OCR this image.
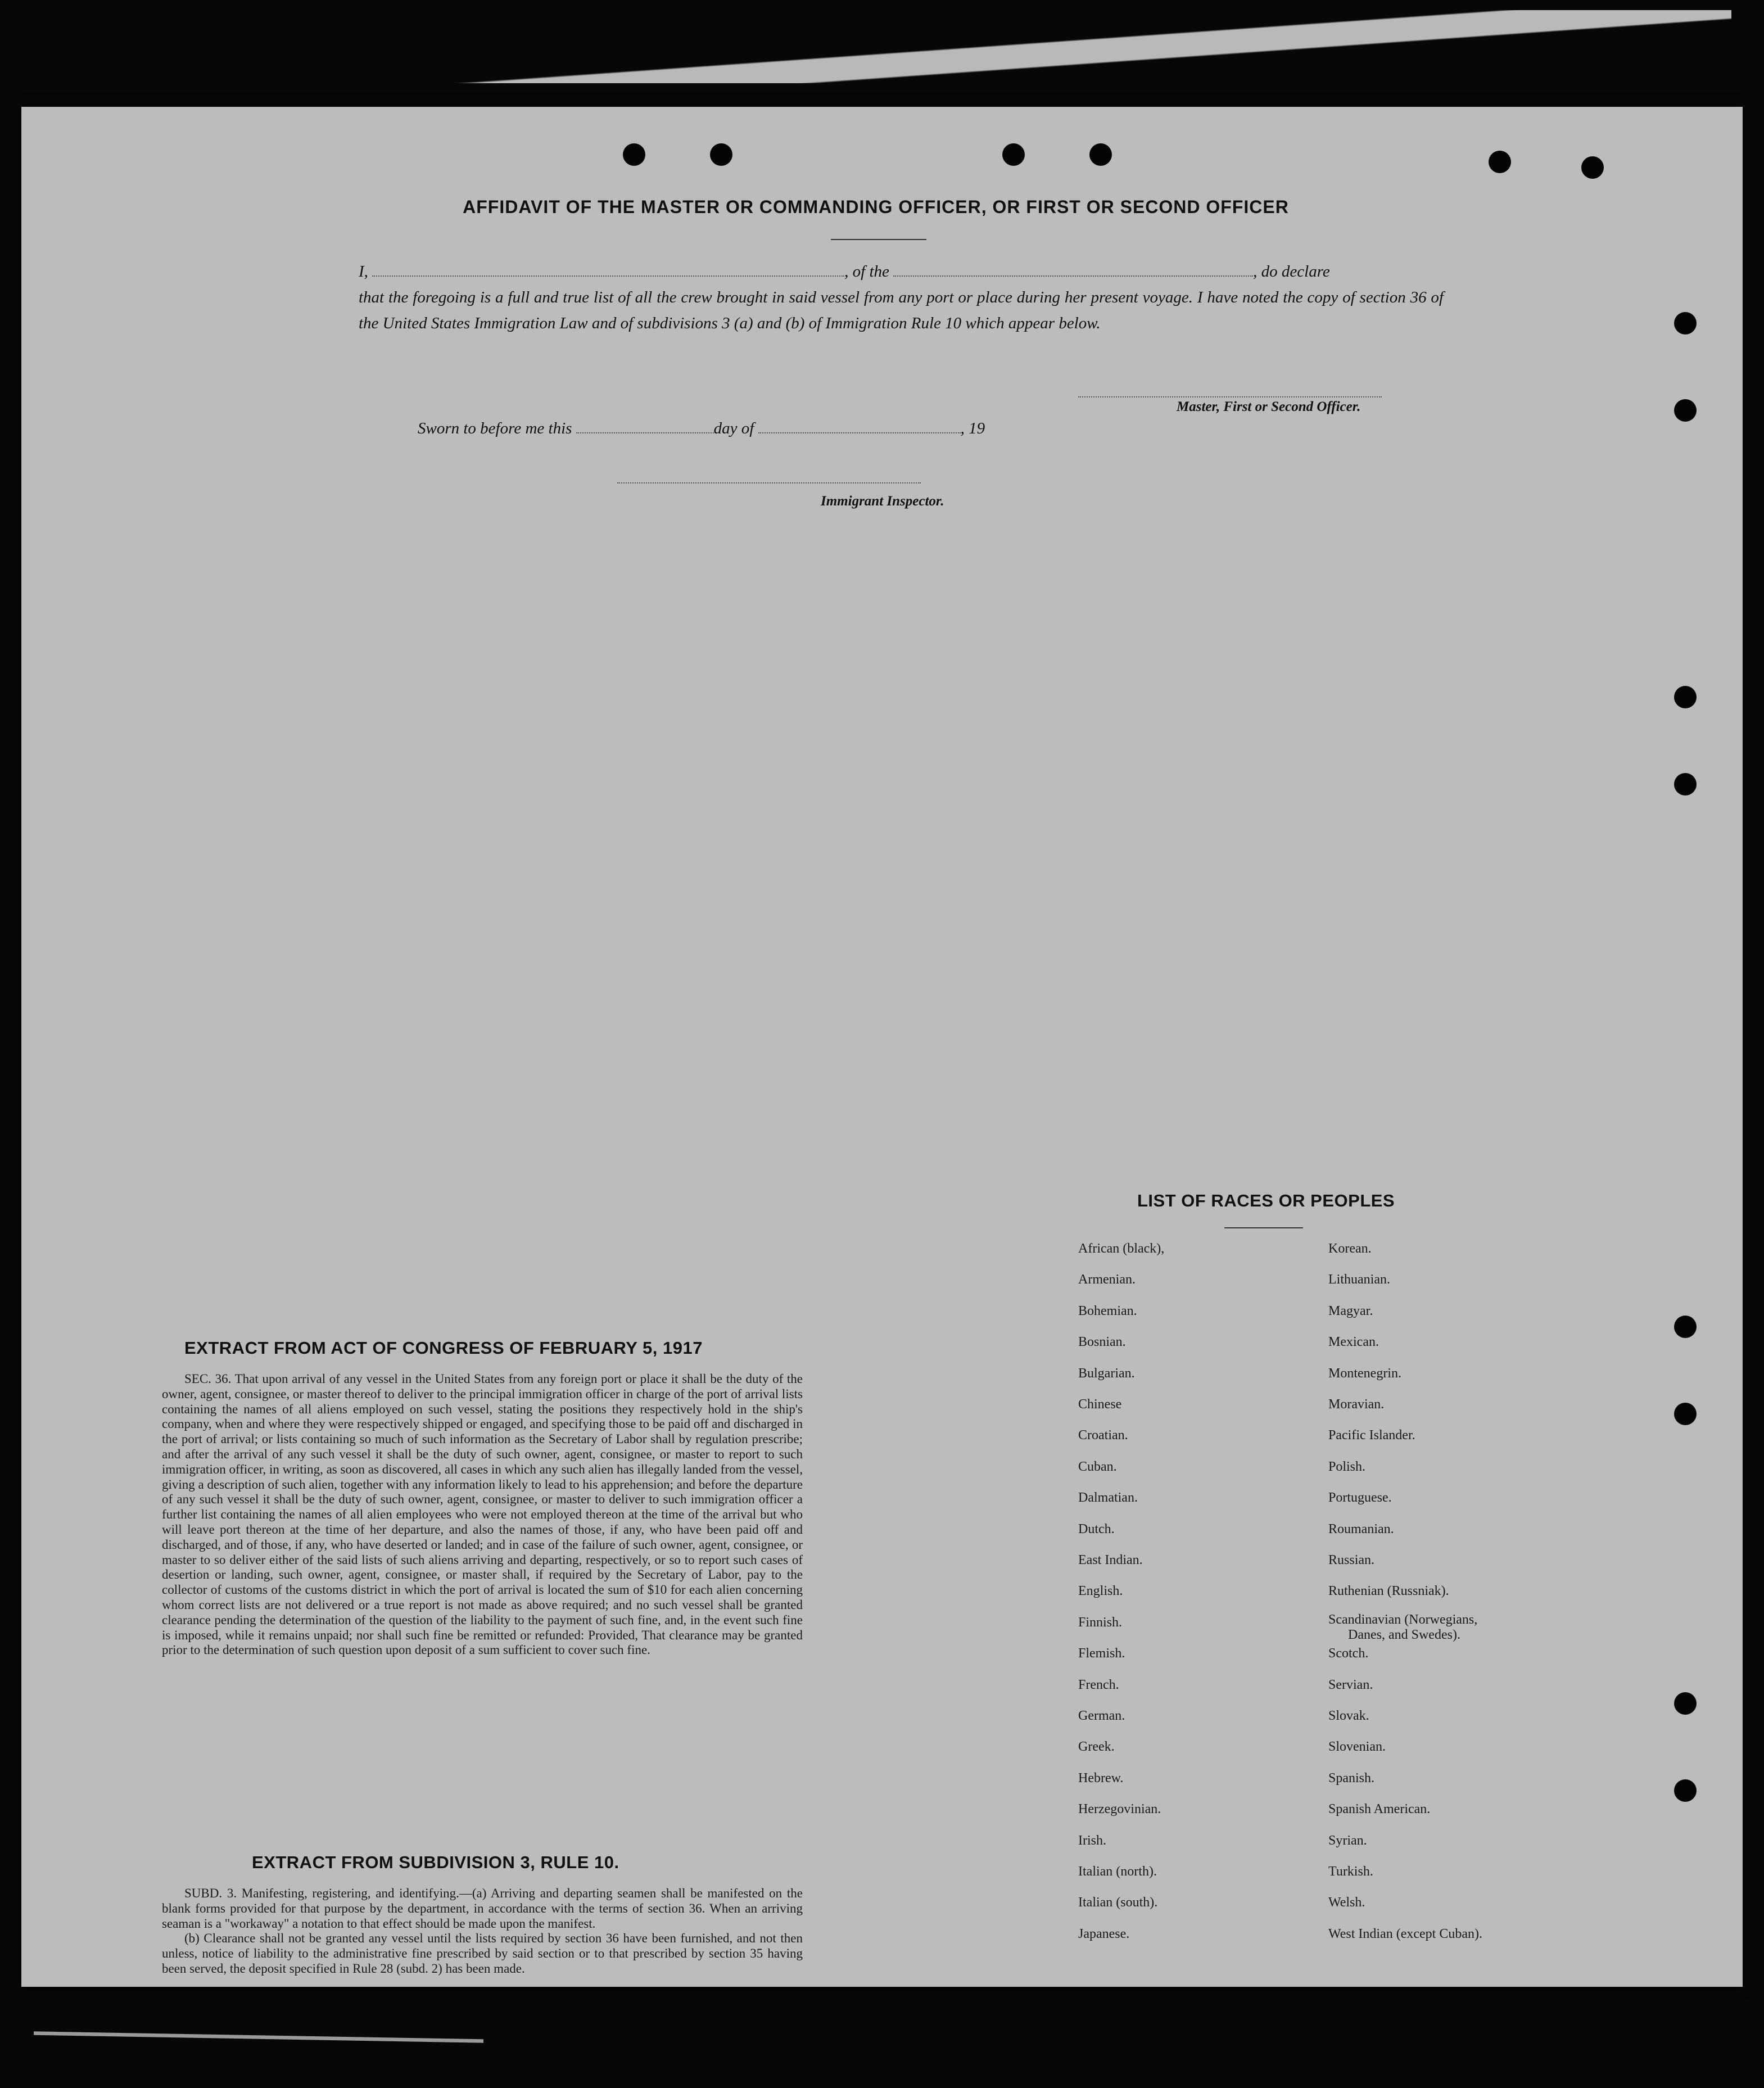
AFFIDAVIT OF THE MASTER OR COMMANDING OFFICER, OR FIRST OR SECOND OFFICER
I,	, of the	, do declare
that the foregoing is a full and true list of all the crew brought in said vessel from any port or place during her present voyage. I have noted the copy of section 36 of the United States Immigration Law and of subdivisions 3 (a) and (b) of Immigration Rule 10 which appear below.
Master, First or Second Officer.
Sworn to before me this	day of	, 19
Immigrant Inspector.
EXTRACT FROM ACT OF CONGRESS OF FEBRUARY 5, 1917
SEC. 36. That upon arrival of any vessel in the United States from any foreign port or place it shall be the duty of the owner, agent, consignee, or master thereof to deliver to the principal immigration officer in charge of the port of arrival lists containing the names of all aliens employed on such vessel, stating the positions they respectively hold in the ship's company, when and where they were respectively shipped or engaged, and specifying those to be paid off and discharged in the port of arrival; or lists containing so much of such information as the Secretary of Labor shall by regulation prescribe; and after the arrival of any such vessel it shall be the duty of such owner, agent, consignee, or master to report to such immigration officer, in writing, as soon as discovered, all cases in which any such alien has illegally landed from the vessel, giving a description of such alien, together with any information likely to lead to his apprehension; and before the departure of any such vessel it shall be the duty of such owner, agent, consignee, or master to deliver to such immigration officer a further list containing the names of all alien employees who were not employed thereon at the time of the arrival but who will leave port thereon at the time of her departure, and also the names of those, if any, who have been paid off and discharged, and of those, if any, who have deserted or landed; and in case of the failure of such owner, agent, consignee, or master to so deliver either of the said lists of such aliens arriving and departing, respectively, or so to report such cases of desertion or landing, such owner, agent, consignee, or master shall, if required by the Secretary of Labor, pay to the collector of customs of the customs district in which the port of arrival is located the sum of $10 for each alien concerning whom correct lists are not delivered or a true report is not made as above required; and no such vessel shall be granted clearance pending the determination of the question of the liability to the payment of such fine, and, in the event such fine is imposed, while it remains unpaid; nor shall such fine be remitted or refunded: Provided, That clearance may be granted prior to the determination of such question upon deposit of a sum sufficient to cover such fine.
EXTRACT FROM SUBDIVISION 3, RULE 10.

SUBD. 3. Manifesting, registering, and identifying.—(a) Arriving and departing seamen shall be manifested on the blank forms provided for that purpose by the department, in accordance with the terms of section 36. When an arriving seaman is a "workaway" a notation to that effect should be made upon the manifest.

(b) Clearance shall not be granted any vessel until the lists required by section 36 have been furnished, and not then unless, notice of liability to the administrative fine prescribed by said section or to that prescribed by section 35 having been served, the deposit specified in Rule 28 (subd. 2) has been made.

LIST OF RACES OR PEOPLES
African (black),
Armenian.
Bohemian.
Bosnian.
Bulgarian.
Chinese
Croatian.
Cuban.
Dalmatian.
Dutch.
East Indian.
English.
Finnish.
Flemish.
French.
German.
Greek.
Hebrew.
Herzegovinian.
Irish.
Italian (north).
Italian (south).
Japanese.
Korean.
Lithuanian.
Magyar.
Mexican.
Montenegrin.
Moravian.
Pacific Islander.
Polish.
Portuguese.
Roumanian.
Russian.
Ruthenian (Russniak).
Scandinavian (Norwegians,
Danes, and Swedes).
Scotch.
Servian.
Slovak.
Slovenian.
Spanish.
Spanish American.
Syrian.
Turkish.
Welsh.
West Indian (except Cuban).
